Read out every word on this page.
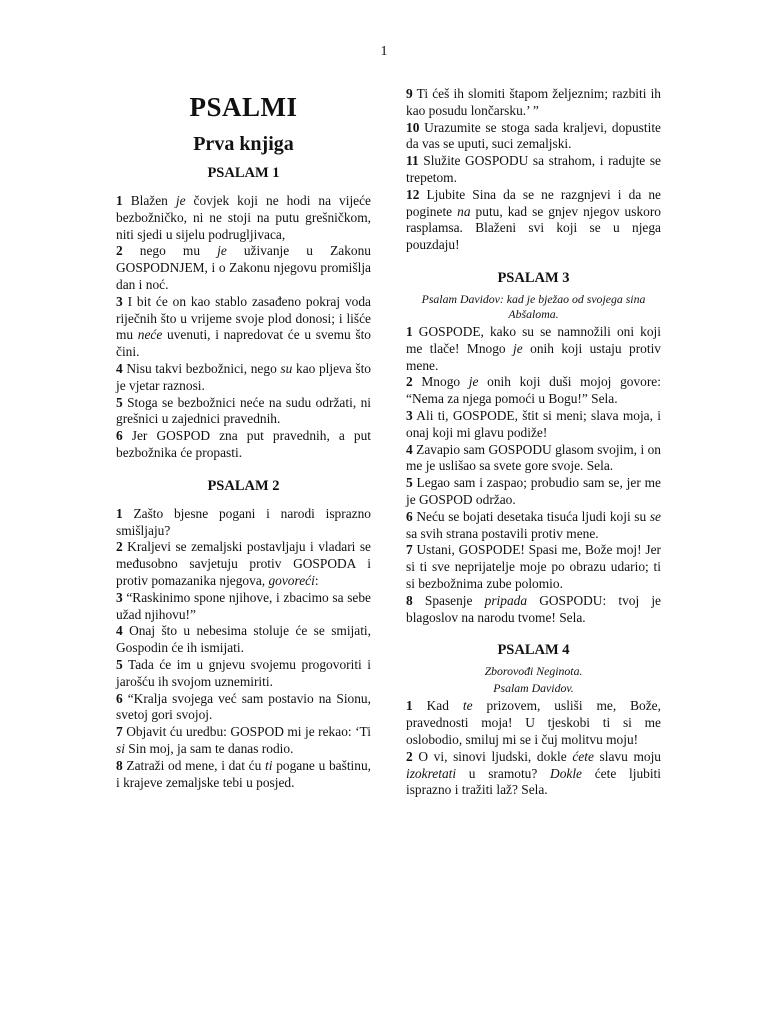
1
PSALMI
Prva knjiga
PSALAM 1

1 Blažen je čovjek koji ne hodi na vijeće bezbožničko, ni ne stoji na putu grešničkom, niti sjedi u sijelu podrugljivaca,

2 nego mu je uživanje u Zakonu GOSPODNJEM, i o Zakonu njegovu promišlja dan i noć.

3 I bit će on kao stablo zasađeno pokraj voda riječnih što u vrijeme svoje plod donosi; i lišće mu neće uvenuti, i napredovat će u svemu što čini.

4 Nisu takvi bezbožnici, nego su kao pljeva što je vjetar raznosi.

5 Stoga se bezbožnici neće na sudu održati, ni grešnici u zajednici pravednih.

6 Jer GOSPOD zna put pravednih, a put bezbožnika će propasti.

PSALAM 2

1 Zašto bjesne pogani i narodi isprazno smišljaju?

2 Kraljevi se zemaljski postavljaju i vladari se međusobno savjetuju protiv GOSPODA i protiv pomazanika njegova, govoreći:

3 “Raskinimo spone njihove, i zbacimo sa sebe užad njihovu!”

4 Onaj što u nebesima stoluje će se smijati, Gospodin će ih ismijati.

5 Tada će im u gnjevu svojemu progovoriti i jarošću ih svojom uznemiriti.

6 “Kralja svojega već sam postavio na Sionu, svetoj gori svojoj.

7 Objavit ću uredbu: GOSPOD mi je rekao: ‘Ti si Sin moj, ja sam te danas rodio.

8 Zatraži od mene, i dat ću ti pogane u baštinu, i krajeve zemaljske tebi u posjed.

9 Ti ćeš ih slomiti štapom željeznim; razbiti ih kao posudu lončarsku.’ ”

10 Urazumite se stoga sada kraljevi, dopustite da vas se uputi, suci zemaljski.

11 Služite GOSPODU sa strahom, i radujte se trepetom.

12 Ljubite Sina da se ne razgnjevi i da ne poginete na putu, kad se gnjev njegov uskoro rasplamsa. Blaženi svi koji se u njega pouzdaju!

PSALAM 3

Psalam Davidov: kad je bježao od svojega sina Abšaloma.

1 GOSPODE, kako su se namnožili oni koji me tlače! Mnogo je onih koji ustaju protiv mene.

2 Mnogo je onih koji duši mojoj govore: “Nema za njega pomoći u Bogu!” Sela.

3 Ali ti, GOSPODE, štit si meni; slava moja, i onaj koji mi glavu podiže!

4 Zavapio sam GOSPODU glasom svojim, i on me je uslišao sa svete gore svoje. Sela.

5 Legao sam i zaspao; probudio sam se, jer me je GOSPOD održao.

6 Neću se bojati desetaka tisuća ljudi koji su se sa svih strana postavili protiv mene.

7 Ustani, GOSPODE! Spasi me, Bože moj! Jer si ti sve neprijatelje moje po obrazu udario; ti si bezbožnima zube polomio.

8 Spasenje pripada GOSPODU: tvoj je blagoslov na narodu tvome! Sela.

PSALAM 4

Zborovođi Neginota.

Psalam Davidov.

1 Kad te prizovem, usliši me, Bože, pravednosti moja! U tjeskobi ti si me oslobodio, smiluj mi se i čuj molitvu moju!

2 O vi, sinovi ljudski, dokle ćete slavu moju izokretati u sramotu? Dokle ćete ljubiti isprazno i tražiti laž? Sela.
